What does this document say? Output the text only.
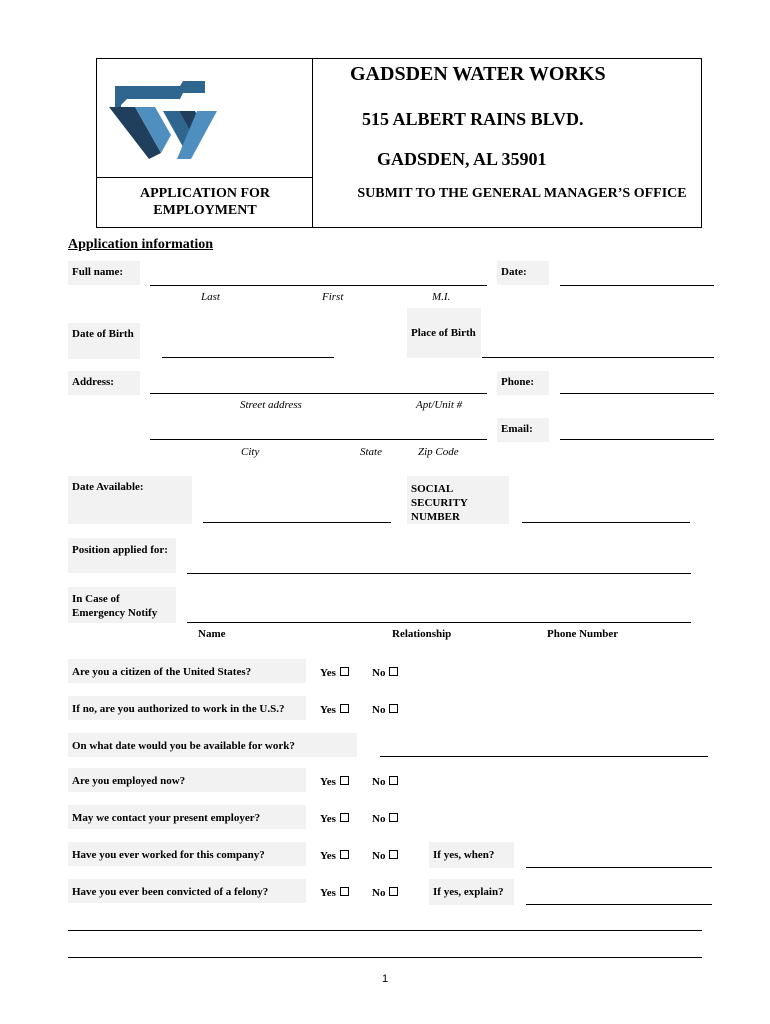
GADSDEN WATER WORKS
515 ALBERT RAINS BLVD.
GADSDEN, AL 35901
APPLICATION FOR EMPLOYMENT
SUBMIT TO THE GENERAL MANAGER’S OFFICE
Application information
Full name:	Date:
Last	First	M.I.
Date of Birth	Place of Birth
Address:	Phone:
Street address	Apt/Unit #
Email:
City	State	Zip Code
Date Available:	SOCIAL SECURITY NUMBER
Position applied for:
In Case of Emergency Notify
Name	Relationship	Phone Number
Are you a citizen of the United States?	Yes	No
If no, are you authorized to work in the U.S.?	Yes	No
On what date would you be available for work?
Are you employed now?	Yes	No
May we contact your present employer?	Yes	No
Have you ever worked for this company?	Yes	No	If yes, when?
Have you ever been convicted of a felony?	Yes	No	If yes, explain?
1
